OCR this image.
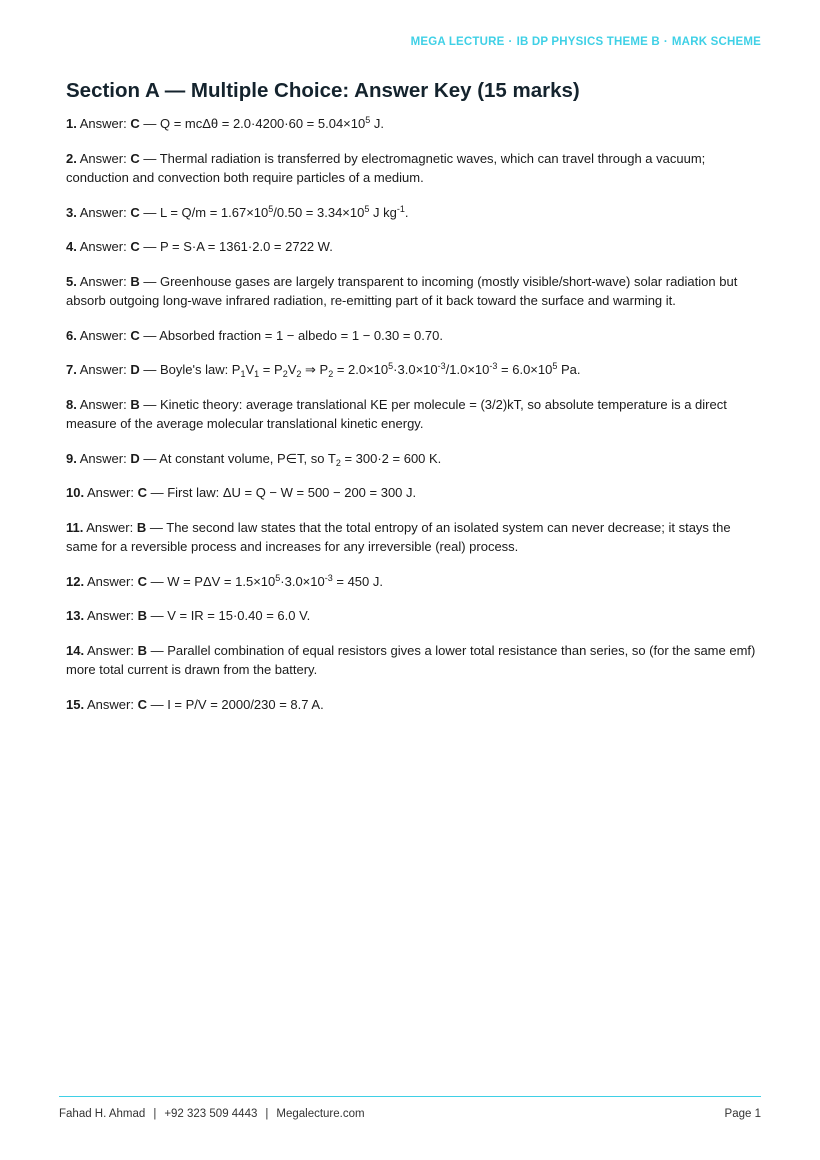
MEGA LECTURE · IB DP PHYSICS THEME B · MARK SCHEME
Section A — Multiple Choice: Answer Key (15 marks)

1. Answer: C — $Q = mc\Delta\theta = 2.0\cdot 4200\cdot 60 = 5.04\times 10^5$ J.

2. Answer: C — Thermal radiation is transferred by electromagnetic waves, which can travel through a vacuum; conduction and convection both require particles of a medium.

3. Answer: C — $L = Q/m = 1.67\times 10^5/0.50 = 3.34\times 10^5$ J $kg^{-1}$.

4. Answer: C — P = S·A = 1361·2.0 = 2722 W.

5. Answer: B — Greenhouse gases are largely transparent to incoming (mostly visible/short-wave) solar radiation but absorb outgoing long-wave infrared radiation, re-emitting part of it back toward the surface and warming it.

6. Answer: C — Absorbed fraction = 1 − albedo = 1 − 0.30 = 0.70.

7. Answer: D — Boyle's law: $P_1V_1 = P_2V_2$ ⇒ $P_2 = 2.0\times 10^5\cdot 3.0\times 10^{-3}/1.0\times 10^{-3} = 6.0\times 10^5$ Pa.

8. Answer: B — Kinetic theory: average translational KE per molecule = (3/2)kT, so absolute temperature is a direct measure of the average molecular translational kinetic energy.

9. Answer: D — At constant volume, P∈T, so $T_2 = 300\cdot 2 = 600$ K.

10. Answer: C — First law: ΔU = Q − W = 500 − 200 = 300 J.

11. Answer: B — The second law states that the total entropy of an isolated system can never decrease; it stays the same for a reversible process and increases for any irreversible (real) process.

12. Answer: C — $W = P\Delta V = 1.5\times 10^5\cdot 3.0\times 10^{-3} = 450$ J.

13. Answer: B — V = IR = 15·0.40 = 6.0 V.

14. Answer: B — Parallel combination of equal resistors gives a lower total resistance than series, so (for the same emf) more total current is drawn from the battery.

15. Answer: C — I = P/V = 2000/230 = 8.7 A.

Fahad H. Ahmad | +92 323 509 4443 | Megalecture.com	Page 1
